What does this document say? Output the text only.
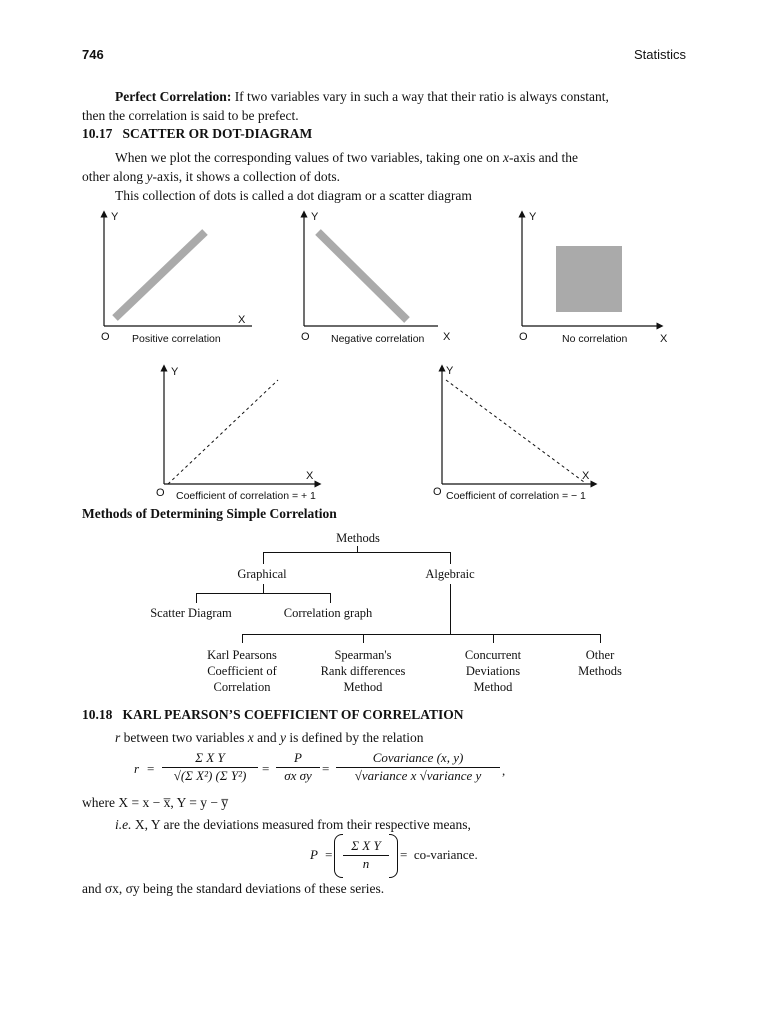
746	Statistics
Perfect Correlation: If two variables vary in such a way that their ratio is always constant,
then the correlation is said to be prefect.
10.17   SCATTER OR DOT-DIAGRAM
When we plot the corresponding values of two variables, taking one on x-axis and the
other along y-axis, it shows a collection of dots.
This collection of dots is called a dot diagram or a scatter diagram
Y
X
O Positive correlation
Y
O Negative correlation X
Y
O	No correlation	X
Y
X
O Coefficient of correlation = + 1
Y
X
O Coefficient of correlation = − 1
Methods of Determining Simple Correlation
Methods
Graphical	Algebraic
Scatter Diagram	Correlation graph
Karl Pearsons
Coefficient of
Correlation
Spearman's
Rank differences
Method
Concurrent
Deviations
Method
Other
Methods
10.18   KARL PEARSON’S COEFFICIENT OF CORRELATION
r between two variables x and y is defined by the relation
$r = \frac{\text{Σ X Y}}{\text{√(Σ X²) (Σ Y²)}} = \frac{P}{\text{σx σy}}$ =
Covariance (x, y)
√variance x √variance y	,
where X = x − x̅, Y = y − y̅
i.e. X, Y are the deviations measured from their respective means,
$P = \frac{\text{Σ X Y}}{n}$ =  co-variance.
and σx, σy being the standard deviations of these series.
